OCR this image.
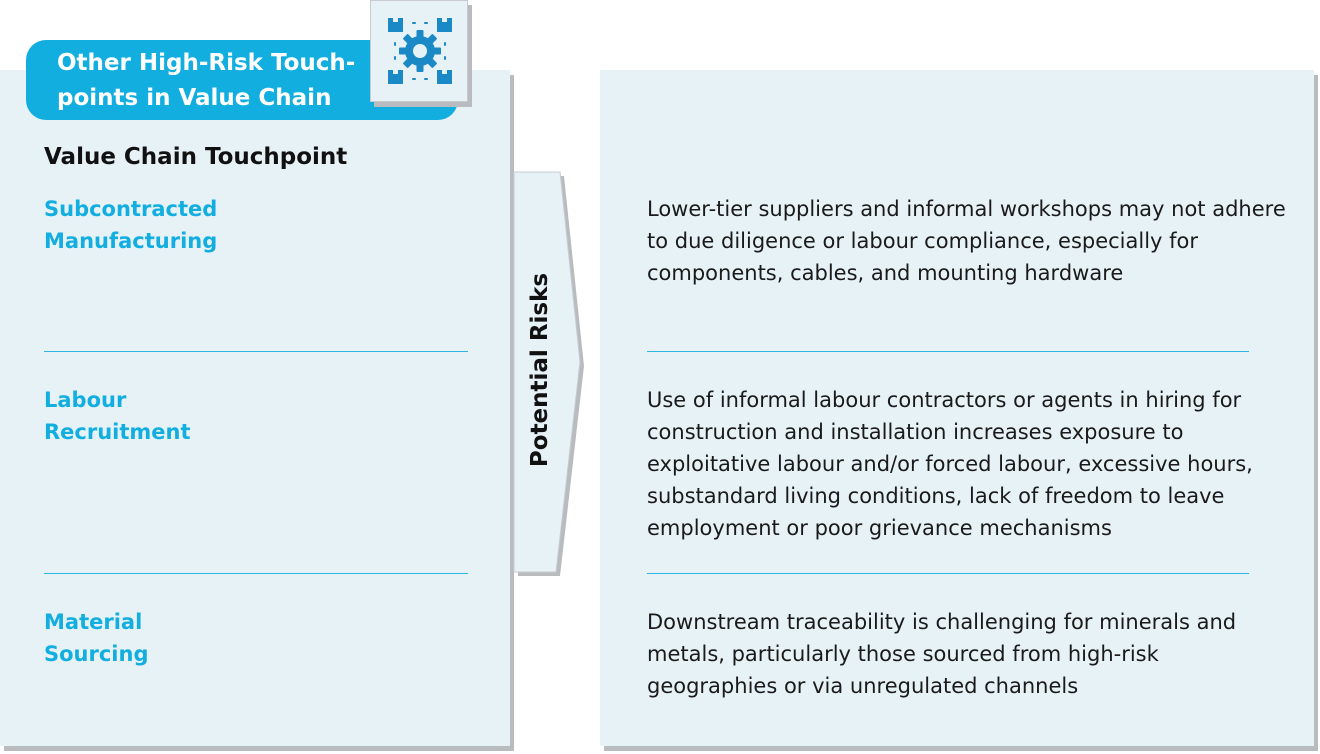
Other High-Risk Touch-
points in Value Chain
Value Chain Touchpoint
Subcontracted
Manufacturing
Labour
Recruitment
Material
Sourcing
Potential Risks
Lower-tier suppliers and informal workshops may not adhere to due diligence or labour compliance, especially for components, cables, and mounting hardware
Use of informal labour contractors or agents in hiring for construction and installation increases exposure to exploitative labour and/or forced labour, excessive hours, substandard living conditions, lack of freedom to leave employment or poor grievance mechanisms
Downstream traceability is challenging for minerals and metals, particularly those sourced from high-risk geographies or via unregulated channels
